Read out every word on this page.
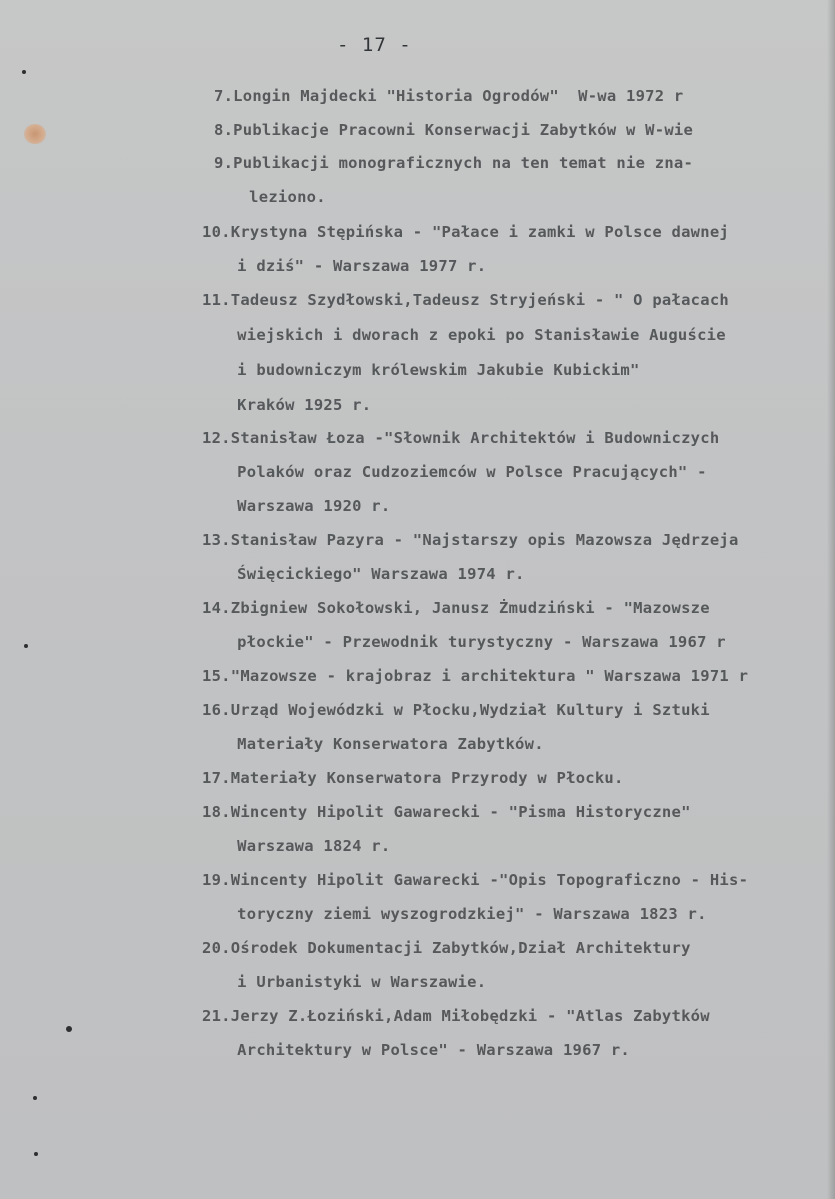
- 17 -
7.Longin Majdecki "Historia Ogrodów"  W-wa 1972 r
8.Publikacje Pracowni Konserwacji Zabytków w W-wie
9.Publikacji monograficznych na ten temat nie zna-
leziono.
10.Krystyna Stępińska - "Pałace i zamki w Polsce dawnej
i dziś" - Warszawa 1977 r.
11.Tadeusz Szydłowski,Tadeusz Stryjeński - " O pałacach
wiejskich i dworach z epoki po Stanisławie Auguście
i budowniczym królewskim Jakubie Kubickim"
Kraków 1925 r.
12.Stanisław Łoza -"Słownik Architektów i Budowniczych
Polaków oraz Cudzoziemców w Polsce Pracujących" -
Warszawa 1920 r.
13.Stanisław Pazyra - "Najstarszy opis Mazowsza Jędrzeja
Święcickiego" Warszawa 1974 r.
14.Zbigniew Sokołowski, Janusz Żmudziński - "Mazowsze
płockie" - Przewodnik turystyczny - Warszawa 1967 r
15."Mazowsze - krajobraz i architektura " Warszawa 1971 r
16.Urząd Wojewódzki w Płocku,Wydział Kultury i Sztuki
Materiały Konserwatora Zabytków.
17.Materiały Konserwatora Przyrody w Płocku.
18.Wincenty Hipolit Gawarecki - "Pisma Historyczne"
Warszawa 1824 r.
19.Wincenty Hipolit Gawarecki -"Opis Topograficzno - His-
toryczny ziemi wyszogrodzkiej" - Warszawa 1823 r.
20.Ośrodek Dokumentacji Zabytków,Dział Architektury
i Urbanistyki w Warszawie.
21.Jerzy Z.Łoziński,Adam Miłobędzki - "Atlas Zabytków
Architektury w Polsce" - Warszawa 1967 r.
